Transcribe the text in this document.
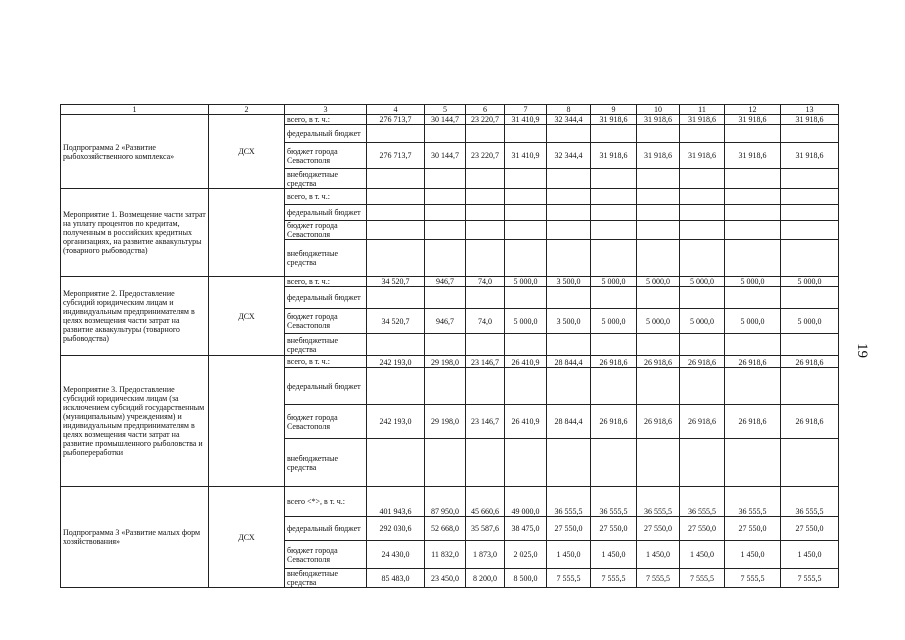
19
1	2	3	4	5	6	7	8	9	10	11	12	13
Подпрограмма 2 «Развитие рыбохозяйственного комплекса»	ДСХ	всего, в т. ч.:	276 713,7	30 144,7	23 220,7	31 410,9	32 344,4	31 918,6	31 918,6	31 918,6	31 918,6	31 918,6
		федеральный бюджет										
		бюджет города Севастополя	276 713,7	30 144,7	23 220,7	31 410,9	32 344,4	31 918,6	31 918,6	31 918,6	31 918,6	31 918,6
		внебюджетные средства										
Мероприятие 1. Возмещение части затрат на уплату процентов по кредитам, полученным в российских кредитных организациях, на развитие аквакультуры (товарного рыбоводства)		всего, в т. ч.:										
		федеральный бюджет										
		бюджет города Севастополя										
		внебюджетные средства										
Мероприятие 2. Предоставление субсидий юридическим лицам и индивидуальным предпринимателям в целях возмещения части затрат на развитие аквакультуры (товарного рыбоводства)	ДСХ	всего, в т. ч.:	34 520,7	946,7	74,0	5 000,0	3 500,0	5 000,0	5 000,0	5 000,0	5 000,0	5 000,0
		федеральный бюджет										
		бюджет города Севастополя	34 520,7	946,7	74,0	5 000,0	3 500,0	5 000,0	5 000,0	5 000,0	5 000,0	5 000,0
		внебюджетные средства										
Мероприятие 3. Предоставление субсидий юридическим лицам (за исключением субсидий государственным (муниципальным) учреждениям) и индивидуальным предпринимателям в целях возмещения части затрат на развитие промышленного рыболовства и рыбопереработки		всего, в т. ч.:	242 193,0	29 198,0	23 146,7	26 410,9	28 844,4	26 918,6	26 918,6	26 918,6	26 918,6	26 918,6
		федеральный бюджет										
		бюджет города Севастополя	242 193,0	29 198,0	23 146,7	26 410,9	28 844,4	26 918,6	26 918,6	26 918,6	26 918,6	26 918,6
		внебюджетные средства										
Подпрограмма 3 «Развитие малых форм хозяйствования»	ДСХ	всего <*>, в т. ч.:	401 943,6	87 950,0	45 660,6	49 000,0	36 555,5	36 555,5	36 555,5	36 555,5	36 555,5	36 555,5
		федеральный бюджет	292 030,6	52 668,0	35 587,6	38 475,0	27 550,0	27 550,0	27 550,0	27 550,0	27 550,0	27 550,0
		бюджет города Севастополя	24 430,0	11 832,0	1 873,0	2 025,0	1 450,0	1 450,0	1 450,0	1 450,0	1 450,0	1 450,0
		внебюджетные средства	85 483,0	23 450,0	8 200,0	8 500,0	7 555,5	7 555,5	7 555,5	7 555,5	7 555,5	7 555,5
